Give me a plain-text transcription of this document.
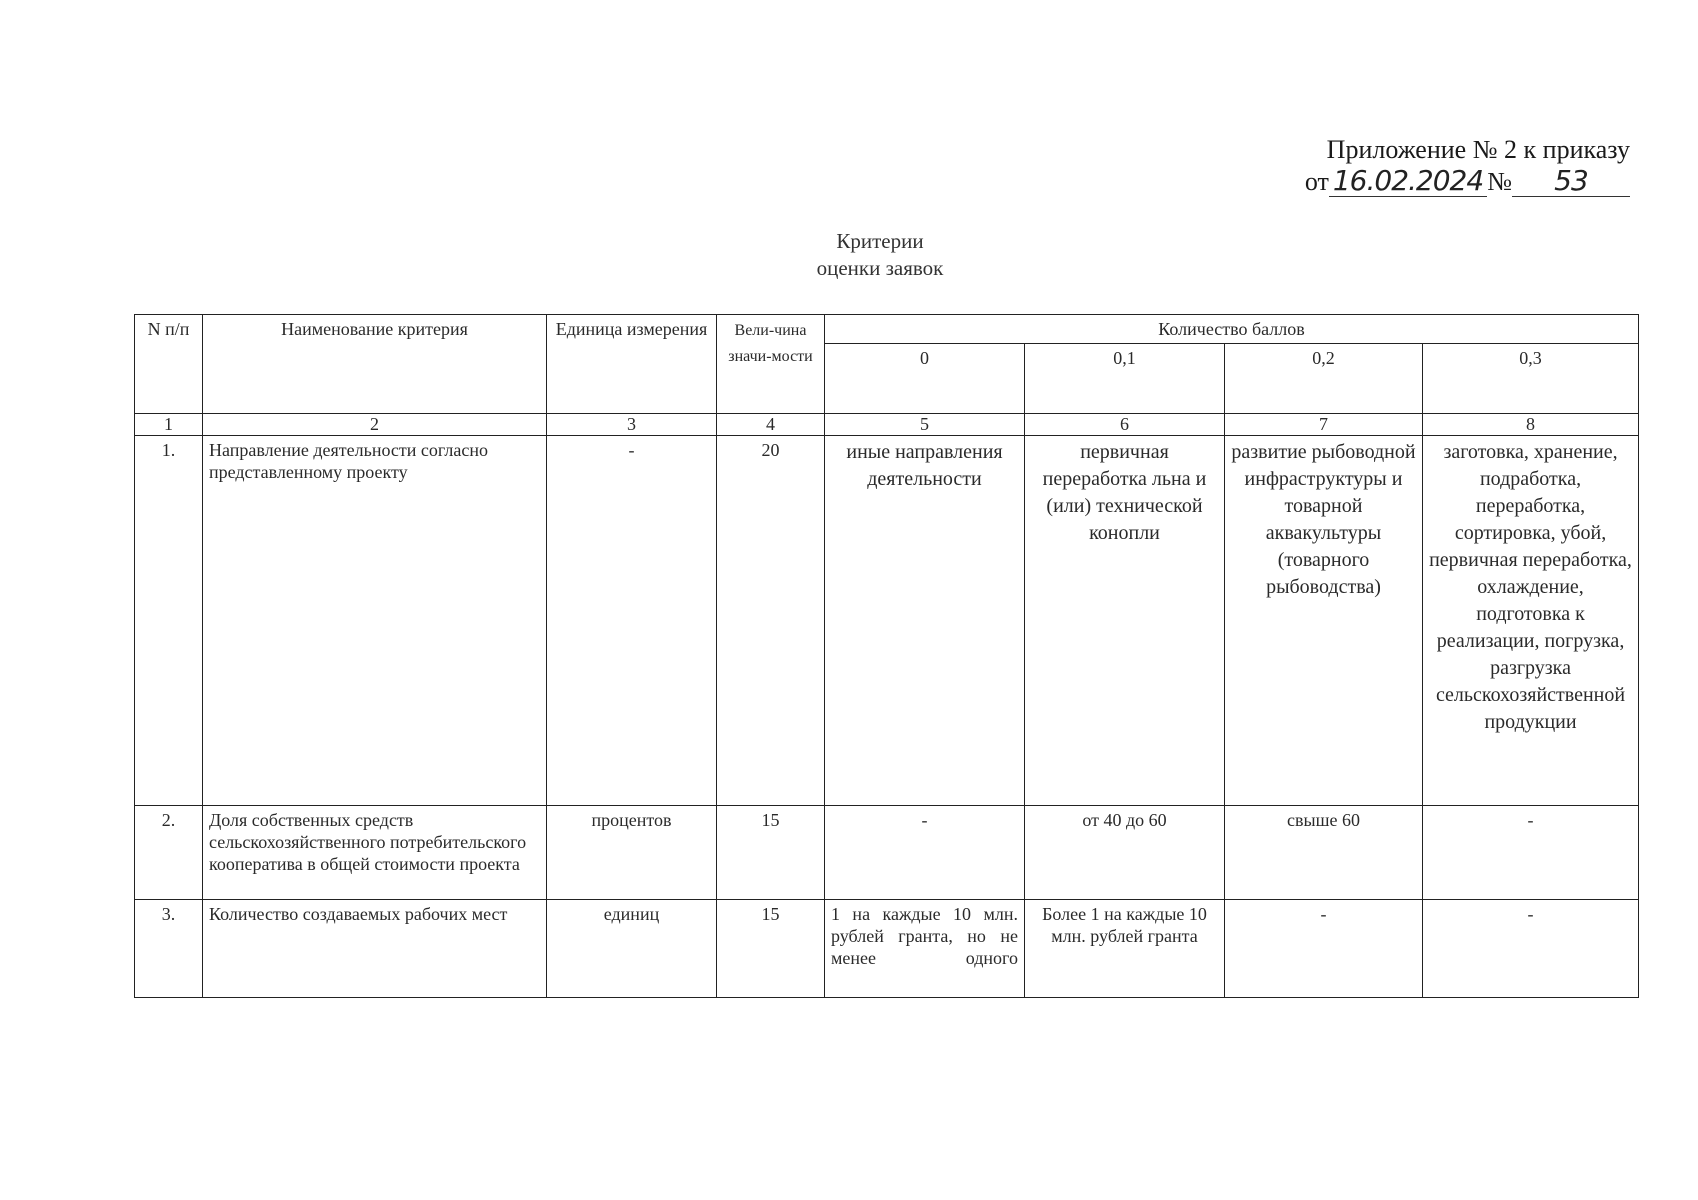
Приложение № 2 к приказу
от 16.02.2024 №	53
Критерии
оценки заявок
N п/п	Наименование критерия	Единица измерения	Вели-чина значи-мости	Количество баллов			
				0	0,1	0,2	0,3
1	2	3	4	5	6	7	8
1.	Направление деятельности согласно представленному проекту	-	20	иные направления деятельности	первичная переработка льна и (или) технической конопли	развитие рыбоводной инфраструктуры и товарной аквакультуры (товарного рыбоводства)	заготовка, хранение, подработка, переработка, сортировка, убой, первичная переработка, охлаждение, подготовка к реализации, погрузка, разгрузка сельскохозяйственной продукции
2.	Доля собственных средств сельскохозяйственного потребительского кооператива в общей стоимости проекта	процентов	15	-	от 40 до 60	свыше 60	-
3.	Количество создаваемых рабочих мест	единиц	15	1 на каждые 10 млн. рублей гранта, но не менее одного	Более 1 на каждые 10 млн. рублей гранта	-	-
